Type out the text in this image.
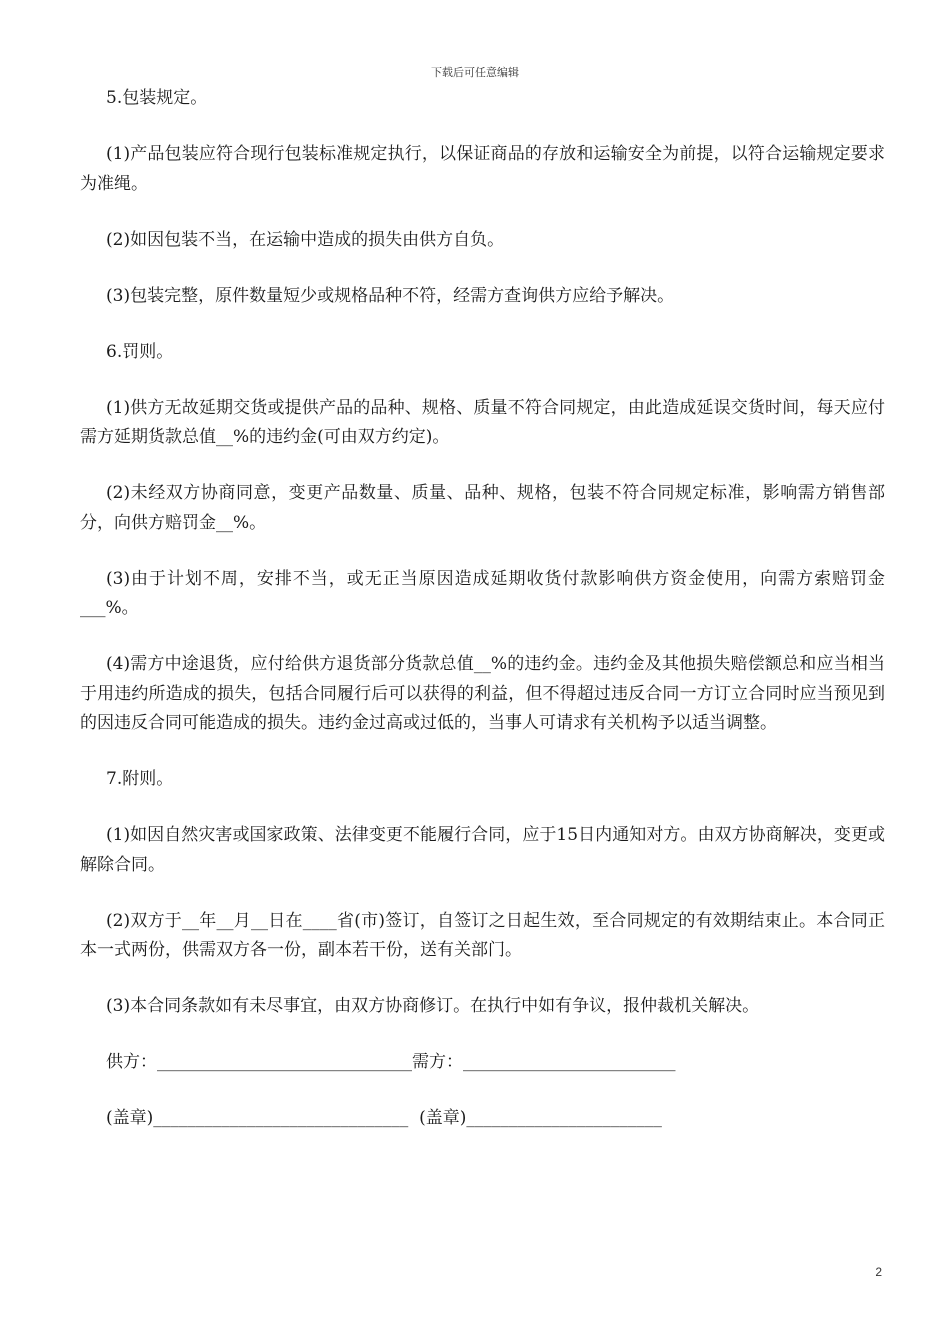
下载后可任意编辑

5.包装规定。

(1)产品包装应符合现行包装标准规定执行，以保证商品的存放和运输安全为前提，以符合运输规定要求为准绳。

(2)如因包装不当，在运输中造成的损失由供方自负。

(3)包装完整，原件数量短少或规格品种不符，经需方查询供方应给予解决。

6.罚则。

(1)供方无故延期交货或提供产品的品种、规格、质量不符合同规定，由此造成延误交货时间，每天应付需方延期货款总值__%的违约金(可由双方约定)。

(2)未经双方协商同意，变更产品数量、质量、品种、规格，包装不符合同规定标准，影响需方销售部分，向供方赔罚金__%。

(3)由于计划不周，安排不当，或无正当原因造成延期收货付款影响供方资金使用，向需方索赔罚金___%。

(4)需方中途退货，应付给供方退货部分货款总值__%的违约金。违约金及其他损失赔偿额总和应当相当于用违约所造成的损失，包括合同履行后可以获得的利益，但不得超过违反合同一方订立合同时应当预见到的因违反合同可能造成的损失。违约金过高或过低的，当事人可请求有关机构予以适当调整。

7.附则。

(1)如因自然灾害或国家政策、法律变更不能履行合同，应于15日内通知对方。由双方协商解决，变更或解除合同。

(2)双方于__年__月__日在____省(市)签订，自签订之日起生效，至合同规定的有效期结束止。本合同正本一式两份，供需双方各一份，副本若干份，送有关部门。

(3)本合同条款如有未尽事宜，由双方协商修订。在执行中如有争议，报仲裁机关解决。

供方：______________________________需方：_________________________

(盖章)______________________________  (盖章)_______________________

2
